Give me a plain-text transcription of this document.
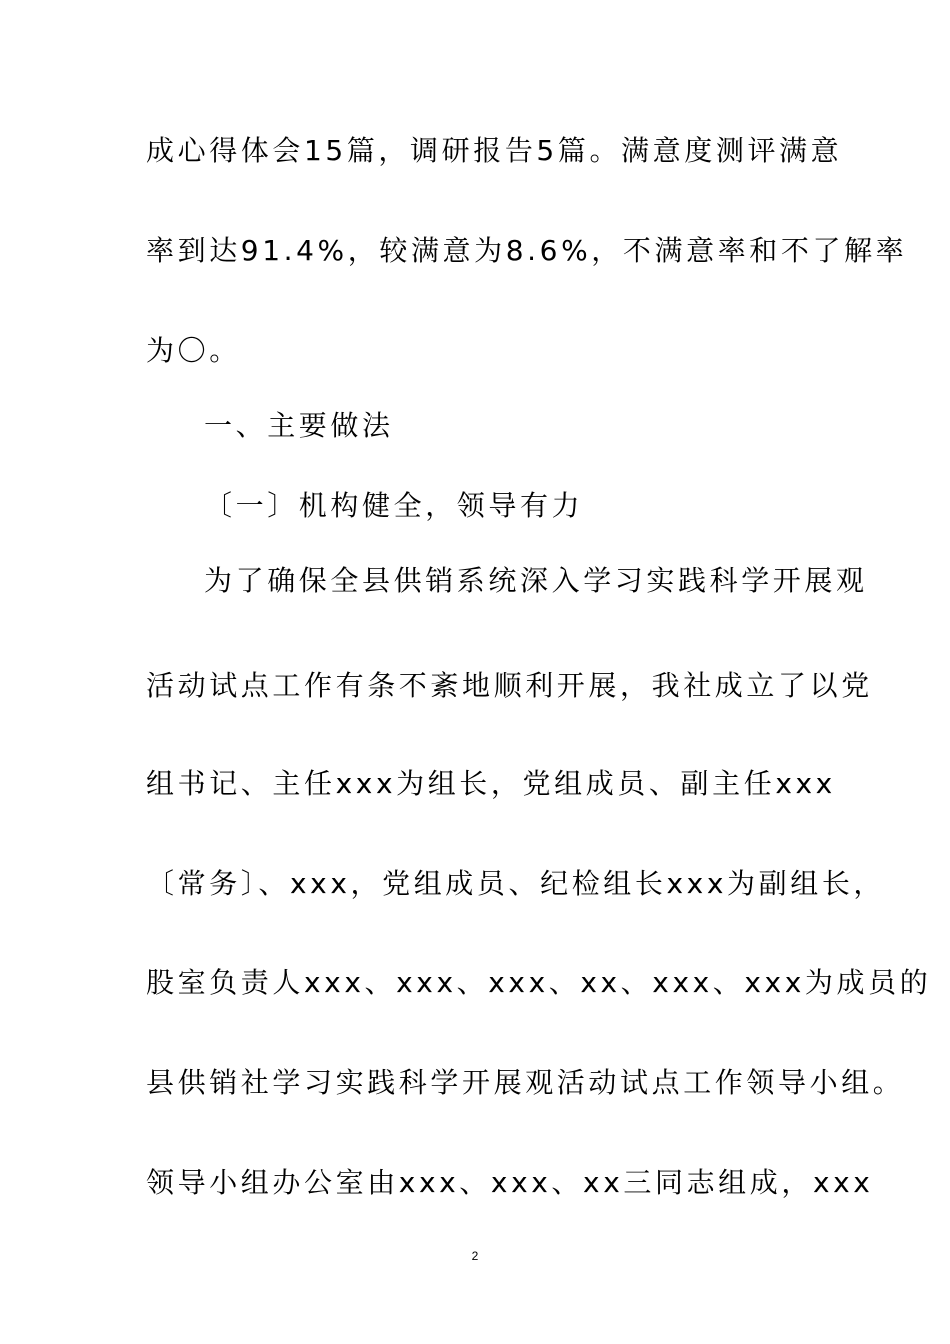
成心得体会15篇，调研报告5篇。满意度测评满意
率到达91.4%，较满意为8.6%，不满意率和不了解率
为〇。
一、主要做法
〔一〕机构健全，领导有力
为了确保全县供销系统深入学习实践科学开展观
活动试点工作有条不紊地顺利开展，我社成立了以党
组书记、主任xxx为组长，党组成员、副主任xxx
〔常务〕、xxx，党组成员、纪检组长xxx为副组长，
股室负责人xxx、xxx、xxx、xx、xxx、xxx为成员的
县供销社学习实践科学开展观活动试点工作领导小组。
领导小组办公室由xxx、xxx、xx三同志组成，xxx
2
